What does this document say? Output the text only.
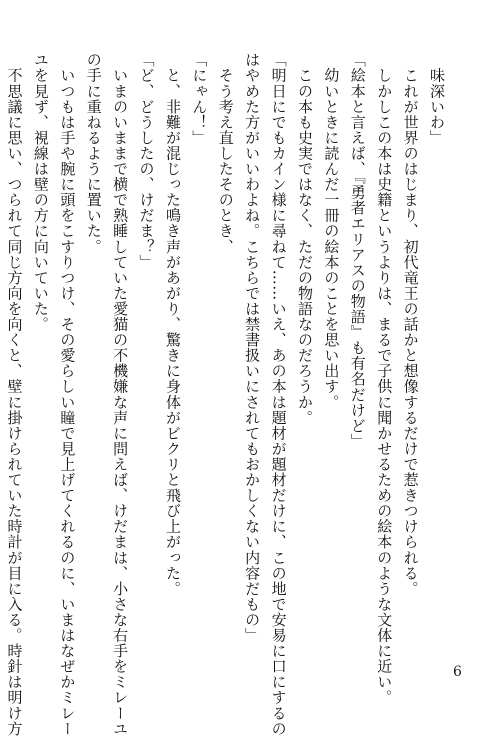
　味深いわ」
　これが世界のはじまり、初代竜王の話かと想像するだけで惹きつけられる。
　しかしこの本は史籍というよりは、まるで子供に聞かせるための絵本のような文体に近い。
「絵本と言えば、『勇者エリアスの物語』も有名だけど」
　幼いときに読んだ一冊の絵本のことを思い出す。
　この本も史実ではなく、ただの物語なのだろうか。
「明日にでもカイン様に尋ねて……いえ、あの本は題材が題材だけに、この地で安易に口にするの
はやめた方がいいわよね。こちらでは禁書扱いにされてもおかしくない内容だもの」
　そう考え直したそのとき、
「にゃん！」
　と、非難が混じった鳴き声があがり、驚きに身体がビクリと飛び上がった。
「ど、どうしたの、けだま？」
　いまのいままで横で熟睡していた愛猫の不機嫌な声に問えば、けだまは、小さな右手をミレーユ
の手に重ねるように置いた。
　いつもは手や腕に頭をこすりつけ、その愛らしい瞳で見上げてくれるのに、いまはなぜかミレー
ユを見ず、視線は壁の方に向いていた。
　不思議に思い、つられて同じ方向を向くと、壁に掛けられていた時計が目に入る。時針は明け方	6
